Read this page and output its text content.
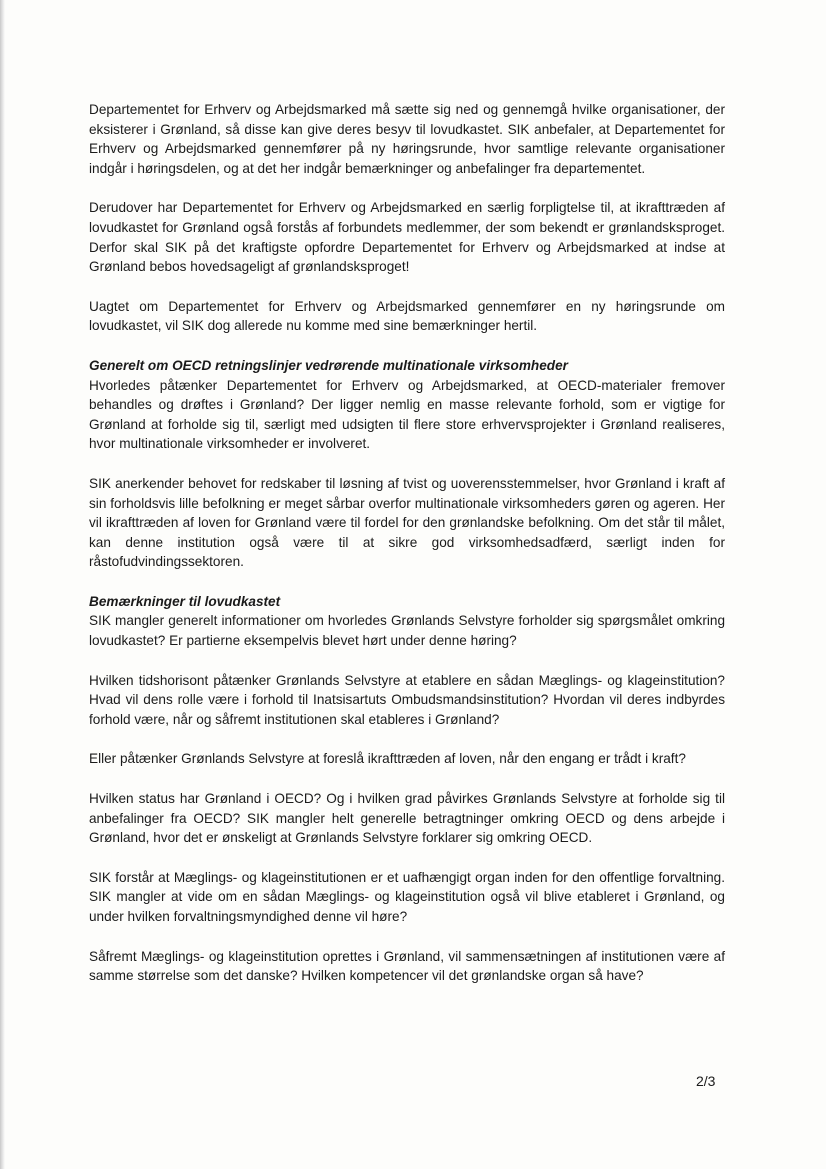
Departementet for Erhverv og Arbejdsmarked må sætte sig ned og gennemgå hvilke organisationer, der eksisterer i Grønland, så disse kan give deres besyv til lovudkastet. SIK anbefaler, at Departementet for Erhverv og Arbejdsmarked gennemfører på ny høringsrunde, hvor samtlige relevante organisationer indgår i høringsdelen, og at det her indgår bemærkninger og anbefalinger fra departementet.

Derudover har Departementet for Erhverv og Arbejdsmarked en særlig forpligtelse til, at ikrafttræden af lovudkastet for Grønland også forstås af forbundets medlemmer, der som bekendt er grønlandsksproget. Derfor skal SIK på det kraftigste opfordre Departementet for Erhverv og Arbejdsmarked at indse at Grønland bebos hovedsageligt af grønlandsksproget!

Uagtet om Departementet for Erhverv og Arbejdsmarked gennemfører en ny høringsrunde om lovudkastet, vil SIK dog allerede nu komme med sine bemærkninger hertil.

Generelt om OECD retningslinjer vedrørende multinationale virksomheder

Hvorledes påtænker Departementet for Erhverv og Arbejdsmarked, at OECD-materialer fremover behandles og drøftes i Grønland? Der ligger nemlig en masse relevante forhold, som er vigtige for Grønland at forholde sig til, særligt med udsigten til flere store erhvervsprojekter i Grønland realiseres, hvor multinationale virksomheder er involveret.

SIK anerkender behovet for redskaber til løsning af tvist og uoverensstemmelser, hvor Grønland i kraft af sin forholdsvis lille befolkning er meget sårbar overfor multinationale virksomheders gøren og ageren. Her vil ikrafttræden af loven for Grønland være til fordel for den grønlandske befolkning. Om det står til målet, kan denne institution også være til at sikre god virksomhedsadfærd, særligt inden for råstofudvindingssektoren.

Bemærkninger til lovudkastet

SIK mangler generelt informationer om hvorledes Grønlands Selvstyre forholder sig spørgsmålet omkring lovudkastet? Er partierne eksempelvis blevet hørt under denne høring?

Hvilken tidshorisont påtænker Grønlands Selvstyre at etablere en sådan Mæglings- og klageinstitution? Hvad vil dens rolle være i forhold til Inatsisartuts Ombudsmandsinstitution? Hvordan vil deres indbyrdes forhold være, når og såfremt institutionen skal etableres i Grønland?

Eller påtænker Grønlands Selvstyre at foreslå ikrafttræden af loven, når den engang er trådt i kraft?

Hvilken status har Grønland i OECD? Og i hvilken grad påvirkes Grønlands Selvstyre at forholde sig til anbefalinger fra OECD? SIK mangler helt generelle betragtninger omkring OECD og dens arbejde i Grønland, hvor det er ønskeligt at Grønlands Selvstyre forklarer sig omkring OECD.

SIK forstår at Mæglings- og klageinstitutionen er et uafhængigt organ inden for den offentlige forvaltning. SIK mangler at vide om en sådan Mæglings- og klageinstitution også vil blive etableret i Grønland, og under hvilken forvaltningsmyndighed denne vil høre?

Såfremt Mæglings- og klageinstitution oprettes i Grønland, vil sammensætningen af institutionen være af samme størrelse som det danske? Hvilken kompetencer vil det grønlandske organ så have?

2/3
